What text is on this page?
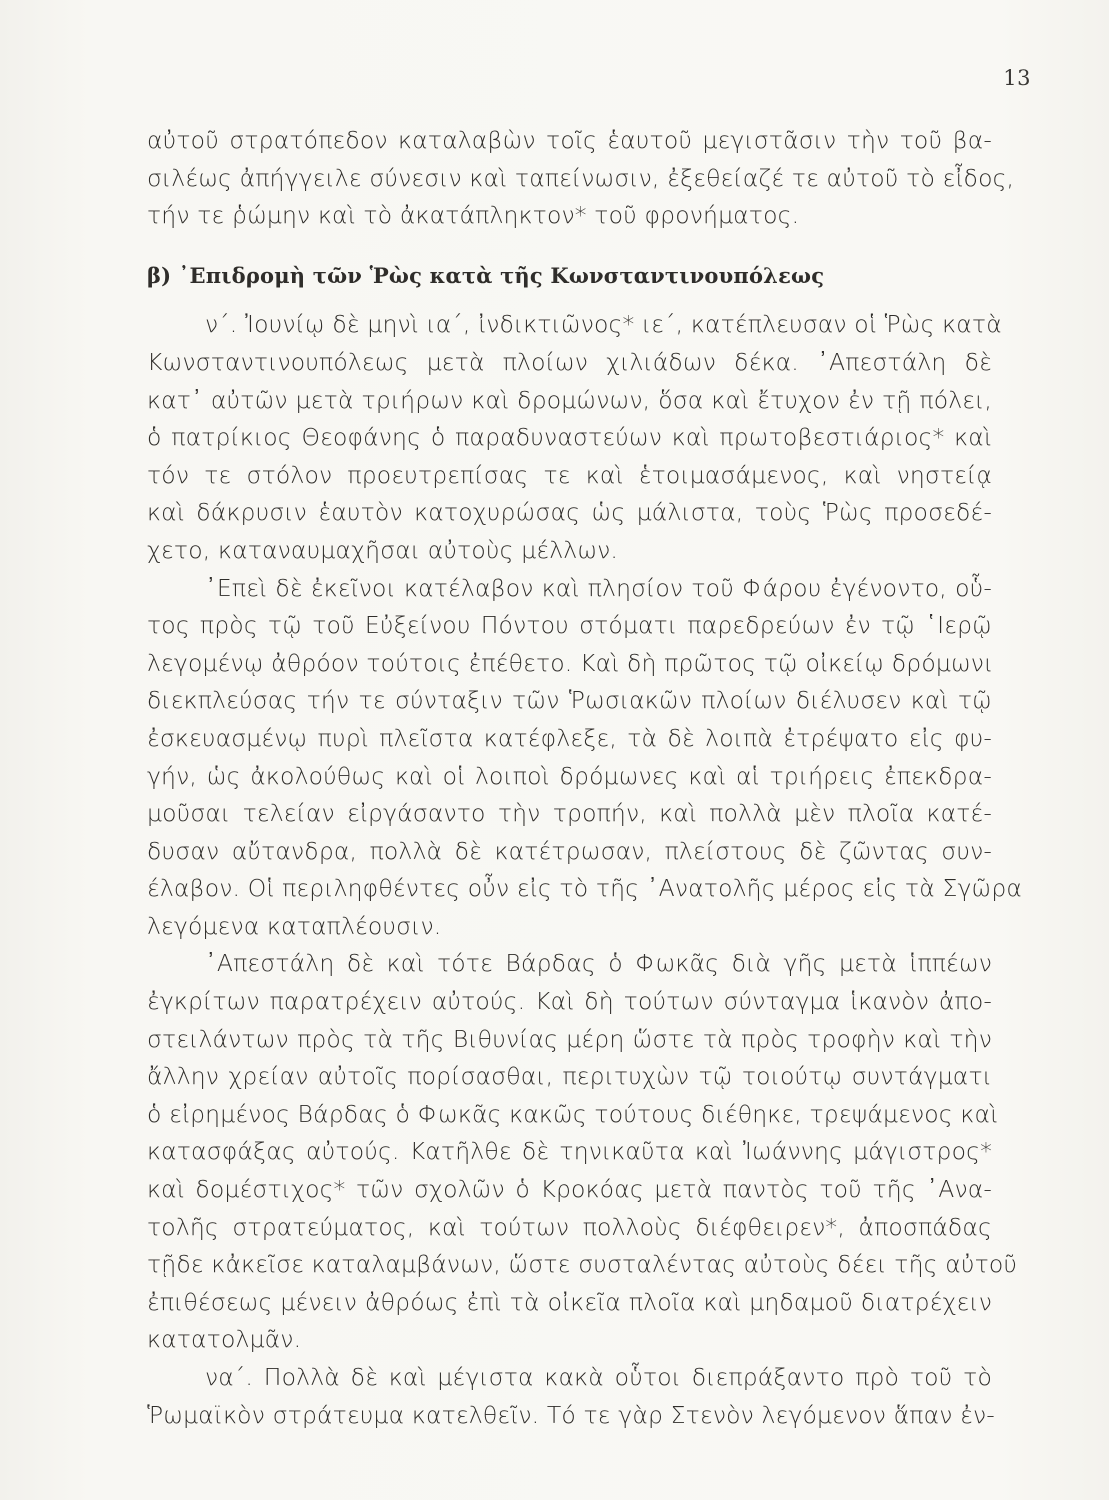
13
αὐτοῦ στρατόπεδον καταλαβὼν τοῖς ἑαυτοῦ μεγιστᾶσιν τὴν τοῦ βα-
σιλέως ἀπήγγειλε σύνεσιν καὶ ταπείνωσιν, ἐξεθείαζέ τε αὐτοῦ τὸ εἶδος,
τήν τε ῥώμην καὶ τὸ ἀκατάπληκτον* τοῦ φρονήματος.
β) ᾿Επιδρομὴ τῶν Ῥὼς κατὰ τῆς Κωνσταντινουπόλεως
ν΄. Ἰουνίῳ δὲ μηνὶ ια΄, ἰνδικτιῶνος* ιε΄, κατέπλευσαν οἱ Ῥὼς κατὰ
Κωνσταντινουπόλεως μετὰ πλοίων χιλιάδων δέκα. ᾿Απεστάλη δὲ
κατ᾿ αὐτῶν μετὰ τριήρων καὶ δρομώνων, ὅσα καὶ ἔτυχον ἐν τῇ πόλει,
ὁ πατρίκιος Θεοφάνης ὁ παραδυναστεύων καὶ πρωτοβεστιάριος* καὶ
τόν τε στόλον προευτρεπίσας τε καὶ ἑτοιμασάμενος, καὶ νηστείᾳ
καὶ δάκρυσιν ἑαυτὸν κατοχυρώσας ὡς μάλιστα, τοὺς Ῥὼς προσεδέ-
χετο, καταναυμαχῆσαι αὐτοὺς μέλλων.
᾿Επεὶ δὲ ἐκεῖνοι κατέλαβον καὶ πλησίον τοῦ Φάρου ἐγένοντο, οὗ-
τος πρὸς τῷ τοῦ Εὐξείνου Πόντου στόματι παρεδρεύων ἐν τῷ ῾Ιερῷ
λεγομένῳ ἀθρόον τούτοις ἐπέθετο. Καὶ δὴ πρῶτος τῷ οἰκείῳ δρόμωνι
διεκπλεύσας τήν τε σύνταξιν τῶν Ῥωσιακῶν πλοίων διέλυσεν καὶ τῷ
ἐσκευασμένῳ πυρὶ πλεῖστα κατέφλεξε, τὰ δὲ λοιπὰ ἐτρέψατο εἰς φυ-
γήν, ὡς ἀκολούθως καὶ οἱ λοιποὶ δρόμωνες καὶ αἱ τριήρεις ἐπεκδρα-
μοῦσαι τελείαν εἰργάσαντο τὴν τροπήν, καὶ πολλὰ μὲν πλοῖα κατέ-
δυσαν αὔτανδρα, πολλὰ δὲ κατέτρωσαν, πλείστους δὲ ζῶντας συν-
έλαβον. Οἱ περιληφθέντες οὖν εἰς τὸ τῆς ᾿Ανατολῆς μέρος εἰς τὰ Σγῶρα
λεγόμενα καταπλέουσιν.
᾿Απεστάλη δὲ καὶ τότε Βάρδας ὁ Φωκᾶς διὰ γῆς μετὰ ἱππέων
ἐγκρίτων παρατρέχειν αὐτούς. Καὶ δὴ τούτων σύνταγμα ἱκανὸν ἀπο-
στειλάντων πρὸς τὰ τῆς Βιθυνίας μέρη ὥστε τὰ πρὸς τροφὴν καὶ τὴν
ἄλλην χρείαν αὐτοῖς πορίσασθαι, περιτυχὼν τῷ τοιούτῳ συντάγματι
ὁ εἰρημένος Βάρδας ὁ Φωκᾶς κακῶς τούτους διέθηκε, τρεψάμενος καὶ
κατασφάξας αὐτούς. Κατῆλθε δὲ τηνικαῦτα καὶ Ἰωάννης μάγιστρος*
καὶ δομέστιχος* τῶν σχολῶν ὁ Κροκόας μετὰ παντὸς τοῦ τῆς ᾿Ανα-
τολῆς στρατεύματος, καὶ τούτων πολλοὺς διέφθειρεν*, ἀποσπάδας
τῇδε κἀκεῖσε καταλαμβάνων, ὥστε συσταλέντας αὐτοὺς δέει τῆς αὐτοῦ
ἐπιθέσεως μένειν ἀθρόως ἐπὶ τὰ οἰκεῖα πλοῖα καὶ μηδαμοῦ διατρέχειν
κατατολμᾶν.
να΄. Πολλὰ δὲ καὶ μέγιστα κακὰ οὗτοι διεπράξαντο πρὸ τοῦ τὸ
Ῥωμαϊκὸν στράτευμα κατελθεῖν. Τό τε γὰρ Στενὸν λεγόμενον ἅπαν ἐν-
